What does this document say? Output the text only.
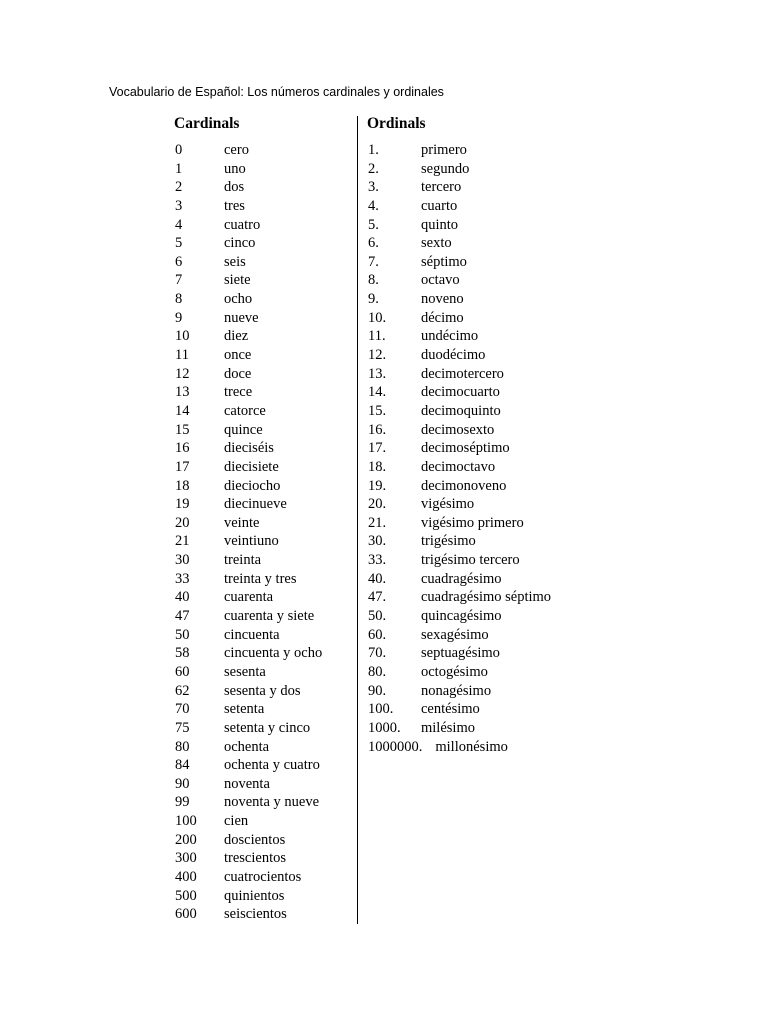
Vocabulario de Español: Los números cardinales y ordinales
Cardinals	Ordinals
0	cero
1	uno
2	dos
3	tres
4	cuatro
5	cinco
6	seis
7	siete
8	ocho
9	nueve
10 diez
11 once
12 doce
13 trece
14 catorce
15 quince
16 dieciséis
17 diecisiete
18 dieciocho
19 diecinueve
20 veinte
21 veintiuno
30 treinta
33 treinta y tres
40 cuarenta
47 cuarenta y siete
50 cincuenta
58 cincuenta y ocho
60 sesenta
62 sesenta y dos
70 setenta
75 setenta y cinco
80 ochenta
84 ochenta y cuatro
90 noventa
99 noventa y nueve
100 cien
200 doscientos
300 trescientos
400 cuatrocientos
500 quinientos
600 seiscientos
1.	primero
2.	segundo
3.	tercero
4.	cuarto
5.	quinto
6.	sexto
7.	séptimo
8.	octavo
9.	noveno
10. décimo
11. undécimo
12. duodécimo
13. decimotercero
14. decimocuarto
15. decimoquinto
16. decimosexto
17. decimoséptimo
18. decimoctavo
19. decimonoveno
20. vigésimo
21. vigésimo primero
30. trigésimo
33. trigésimo tercero
40. cuadragésimo
47. cuadragésimo séptimo
50. quincagésimo
60. sexagésimo
70. septuagésimo
80. octogésimo
90. nonagésimo
100. centésimo
1000. milésimo
1000000. millonésimo
